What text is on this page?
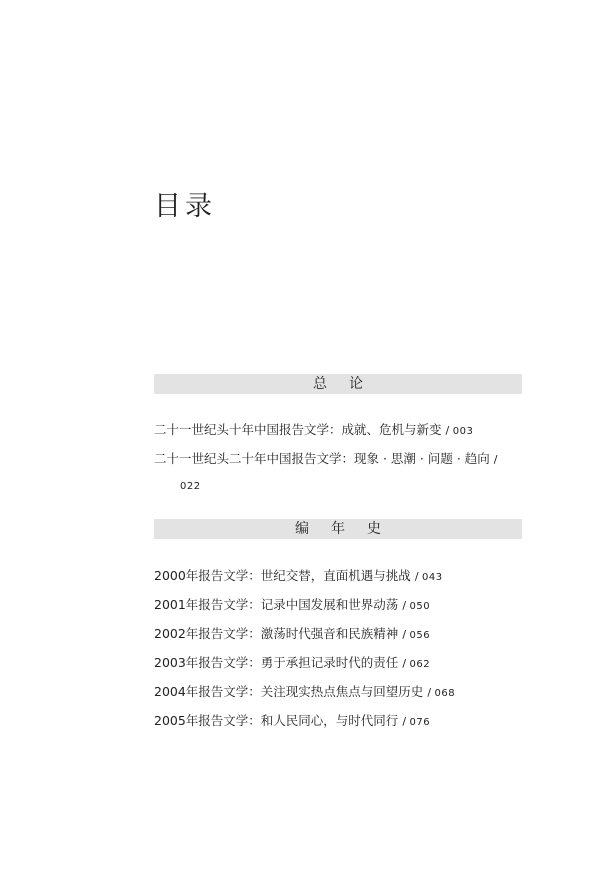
目录
总论
二十一世纪头十年中国报告文学：成就、危机与新变 / 003
二十一世纪头二十年中国报告文学：现象 · 思潮 · 问题 · 趋向 /
022
编年史
2000年报告文学：世纪交替，直面机遇与挑战 / 043
2001年报告文学：记录中国发展和世界动荡 / 050
2002年报告文学：激荡时代强音和民族精神 / 056
2003年报告文学：勇于承担记录时代的责任 / 062
2004年报告文学：关注现实热点焦点与回望历史 / 068
2005年报告文学：和人民同心，与时代同行 / 076
